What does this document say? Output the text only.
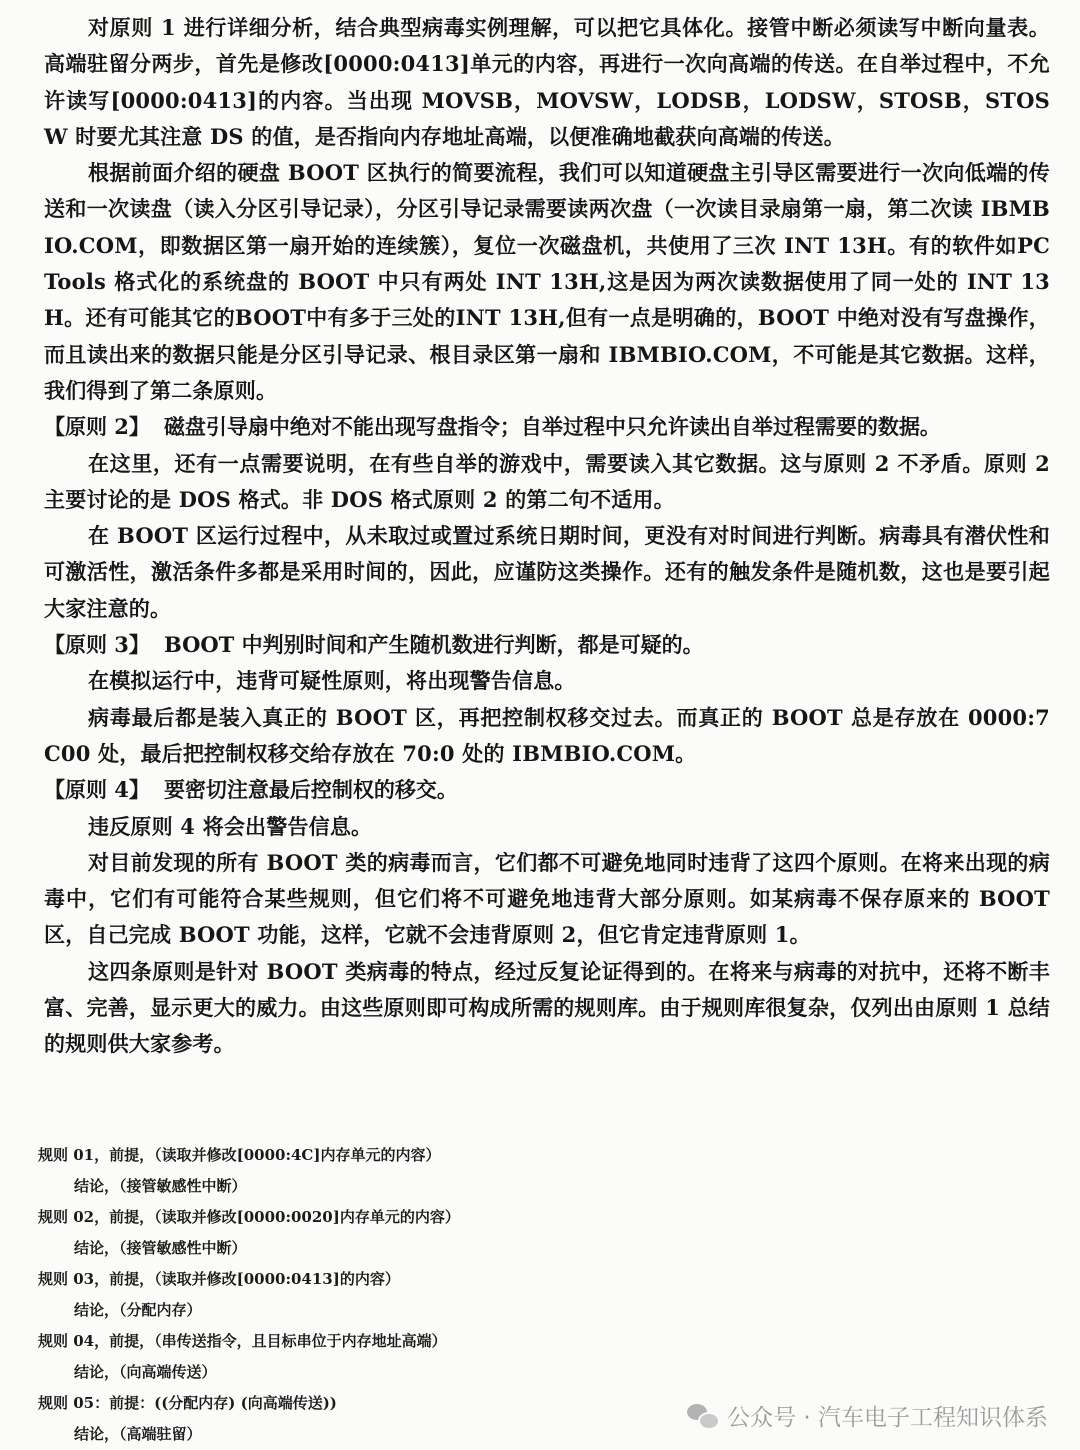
对原则 1 进行详细分析，结合典型病毒实例理解，可以把它具体化。接管中断必须读写中断向量表。高端驻留分两步，首先是修改[0000:0413]单元的内容，再进行一次向高端的传送。在自举过程中，不允许读写[0000:0413]的内容。当出现 MOVSB，MOVSW，LODSB，LODSW，STOSB，STOSW 时要尤其注意 DS 的值，是否指向内存地址高端，以便准确地截获向高端的传送。

根据前面介绍的硬盘 BOOT 区执行的简要流程，我们可以知道硬盘主引导区需要进行一次向低端的传送和一次读盘（读入分区引导记录），分区引导记录需要读两次盘（一次读目录扇第一扇，第二次读 IBMBIO.COM，即数据区第一扇开始的连续簇），复位一次磁盘机，共使用了三次 INT 13H。有的软件如PC Tools 格式化的系统盘的 BOOT 中只有两处 INT 13H,这是因为两次读数据使用了同一处的 INT 13H。还有可能其它的BOOT中有多于三处的INT 13H,但有一点是明确的，BOOT 中绝对没有写盘操作，而且读出来的数据只能是分区引导记录、根目录区第一扇和 IBMBIO.COM，不可能是其它数据。这样，我们得到了第二条原则。

【原则 2】 磁盘引导扇中绝对不能出现写盘指令；自举过程中只允许读出自举过程需要的数据。

在这里，还有一点需要说明，在有些自举的游戏中，需要读入其它数据。这与原则 2 不矛盾。原则 2 主要讨论的是 DOS 格式。非 DOS 格式原则 2 的第二句不适用。

在 BOOT 区运行过程中，从未取过或置过系统日期时间，更没有对时间进行判断。病毒具有潜伏性和可激活性，激活条件多都是采用时间的，因此，应谨防这类操作。还有的触发条件是随机数，这也是要引起大家注意的。

【原则 3】 BOOT 中判别时间和产生随机数进行判断，都是可疑的。

在模拟运行中，违背可疑性原则，将出现警告信息。

病毒最后都是装入真正的 BOOT 区，再把控制权移交过去。而真正的 BOOT 总是存放在 0000:7 C00 处，最后把控制权移交给存放在 70:0 处的 IBMBIO.COM。

【原则 4】 要密切注意最后控制权的移交。

违反原则 4 将会出警告信息。

对目前发现的所有 BOOT 类的病毒而言，它们都不可避免地同时违背了这四个原则。在将来出现的病毒中，它们有可能符合某些规则，但它们将不可避免地违背大部分原则。如某病毒不保存原来的 BOOT 区，自己完成 BOOT 功能，这样，它就不会违背原则 2，但它肯定违背原则 1。

这四条原则是针对 BOOT 类病毒的特点，经过反复论证得到的。在将来与病毒的对抗中，还将不断丰富、完善，显示更大的威力。由这些原则即可构成所需的规则库。由于规则库很复杂，仅列出由原则 1 总结的规则供大家参考。

规则 01，前提，（读取并修改[0000:4C]内存单元的内容）

结论，（接管敏感性中断）

规则 02，前提，（读取并修改[0000:0020]内存单元的内容）

结论，（接管敏感性中断）

规则 03，前提，（读取并修改[0000:0413]的内容）

结论，（分配内存）

规则 04，前提，（串传送指令，且目标串位于内存地址高端）

结论，（向高端传送）

规则 05：前提：((分配内存) (向高端传送))

结论，（高端驻留）

公众号 · 汽车电子工程知识体系
